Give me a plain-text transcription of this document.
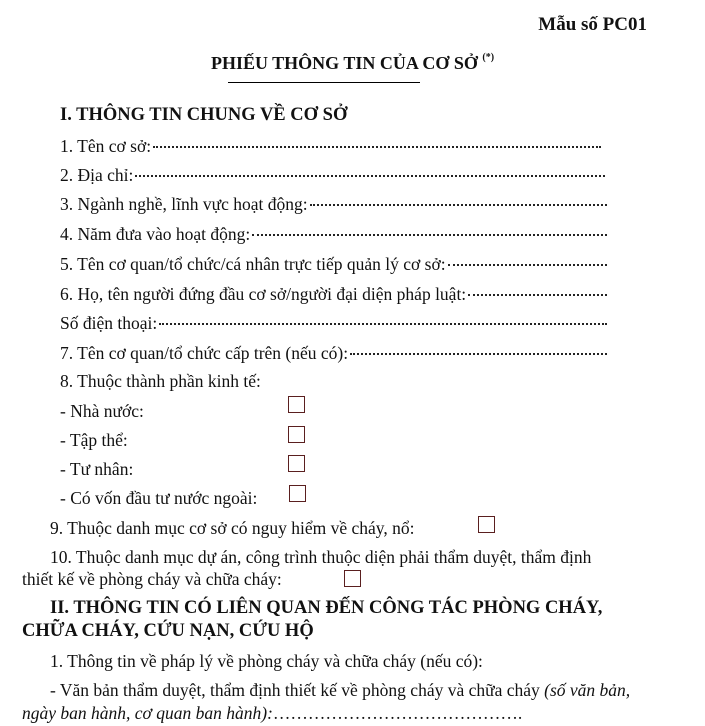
Mẫu số PC01
PHIẾU THÔNG TIN CỦA CƠ SỞ (*)
I. THÔNG TIN CHUNG VỀ CƠ SỞ
1. Tên cơ sở:
2. Địa chỉ:
3. Ngành nghề, lĩnh vực hoạt động:
4. Năm đưa vào hoạt động:
5. Tên cơ quan/tổ chức/cá nhân trực tiếp quản lý cơ sở:
6. Họ, tên người đứng đầu cơ sở/người đại diện pháp luật:
Số điện thoại:
7. Tên cơ quan/tổ chức cấp trên (nếu có):
8. Thuộc thành phần kinh tế:
- Nhà nước:
- Tập thể:
- Tư nhân:
- Có vốn đầu tư nước ngoài:
9. Thuộc danh mục cơ sở có nguy hiểm về cháy, nổ:
10. Thuộc danh mục dự án, công trình thuộc diện phải thẩm duyệt, thẩm định
thiết kế về phòng cháy và chữa cháy:
II. THÔNG TIN CÓ LIÊN QUAN ĐẾN CÔNG TÁC PHÒNG CHÁY,
CHỮA CHÁY, CỨU NẠN, CỨU HỘ
1. Thông tin về pháp lý về phòng cháy và chữa cháy (nếu có):
- Văn bản thẩm duyệt, thẩm định thiết kế về phòng cháy và chữa cháy (số văn bản,
ngày ban hành, cơ quan ban hành):…………………………………….
